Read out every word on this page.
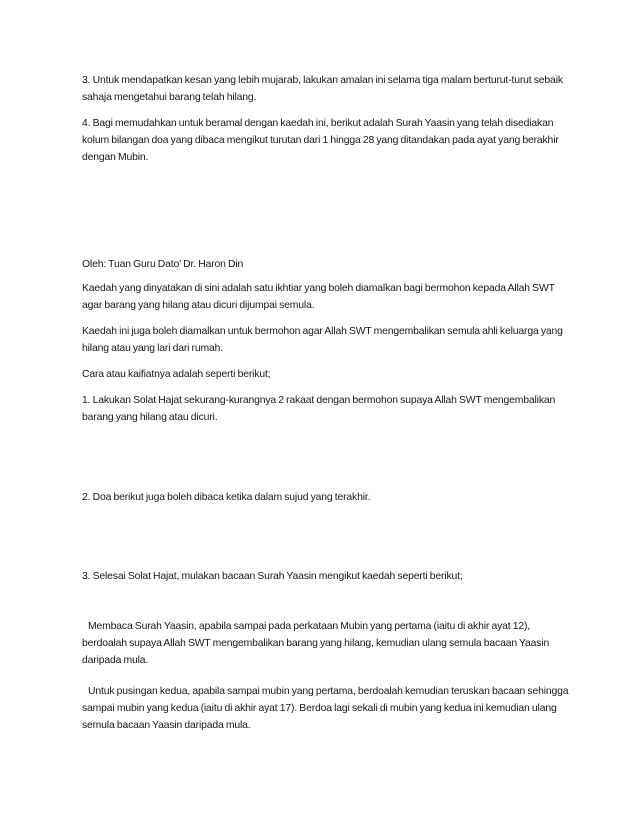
3. Untuk mendapatkan kesan yang lebih mujarab, lakukan amalan ini selama tiga malam berturut-turut sebaik sahaja mengetahui barang telah hilang.

4. Bagi memudahkan untuk beramal dengan kaedah ini, berikut adalah Surah Yaasin yang telah disediakan kolum bilangan doa yang dibaca mengikut turutan dari 1 hingga 28 yang ditandakan pada ayat yang berakhir dengan Mubin.

Oleh: Tuan Guru Dato’ Dr. Haron Din

Kaedah yang dinyatakan di sini adalah satu ikhtiar yang boleh diamalkan bagi bermohon kepada Allah SWT agar barang yang hilang atau dicuri dijumpai semula.

Kaedah ini juga boleh diamalkan untuk bermohon agar Allah SWT mengembalikan semula ahli keluarga yang hilang atau yang lari dari rumah.

Cara atau kaifiatnya adalah seperti berikut;

1. Lakukan Solat Hajat sekurang-kurangnya 2 rakaat dengan bermohon supaya Allah SWT mengembalikan barang yang hilang atau dicuri.

2. Doa berikut juga boleh dibaca ketika dalam sujud yang terakhir.

3. Selesai Solat Hajat, mulakan bacaan Surah Yaasin mengikut kaedah seperti berikut;

Membaca Surah Yaasin, apabila sampai pada perkataan Mubin yang pertama (iaitu di akhir ayat 12), berdoalah supaya Allah SWT mengembalikan barang yang hilang, kemudian ulang semula bacaan Yaasin daripada mula.

Untuk pusingan kedua, apabila sampai mubin yang pertama, berdoalah kemudian teruskan bacaan sehingga sampai mubin yang kedua (iaitu di akhir ayat 17). Berdoa lagi sekali di mubin yang kedua ini kemudian ulang semula bacaan Yaasin daripada mula.
